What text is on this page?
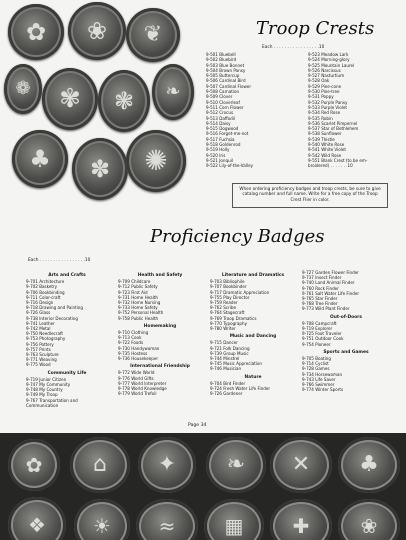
✿	❀	❦
❁	✾	❃	❧
♣	✽	✺
Troop Crests
Each . . . . . . . . . . . . . . . . .10
9-501 Bluebell
9-502 Bluebird
9-503 Blue Bonnet
9-504 Brown Pansy
9-505 Buttercup
9-506 Cardinal Bird
9-507 Cardinal Flower
9-508 Carnation
9-509 Clover
9-510 Cloverleaf
9-511 Corn Flower
9-512 Crocus
9-513 Daffodil
9-514 Daisy
9-515 Dogwood
9-516 Forget-me-not
9-517 Fuchsia
9-518 Goldenrod
9-519 Holly
9-520 Iris
9-521 Jonquil
9-522 Lily-of-the-Valley
9-523 Meadow Lark
9-524 Morning-glory
9-525 Mountain Laurel
9-526 Narcissus
9-527 Nasturtium
9-528 Oak
9-529 Pine-cone
9-530 Pine-tree
9-531 Poppy
9-532 Purple Pansy
9-533 Purple Violet
9-534 Red Rose
9-535 Robin
9-536 Scarlet Pimpernel
9-537 Star of Bethlehem
9-538 Sunflower
9-539 Thistle
9-540 White Rose
9-541 White Violet
9-542 Wild Rose
9-551 Blank Crest (to be em-
broidered) . . . . . . .10
When ordering proficiency badges and troop crests, be sure to give catalog number and full name. Write for a free copy of the Troop Crest Flier in color.
Proficiency Badges
Each . . . . . . . . . . . . . . . . .10
Arts and Crafts
9-701 Architecture
9-702 Basketry
9-706 Bookbinding
9-711 Color-craft
9-716 Design
9-718 Drawing and Painting
9-726 Glass
9-738 Interior Decorating
9-741 Leather
9-742 Metal
9-750 Needlecraft
9-753 Photography
9-756 Pottery
9-757 Prints
9-763 Sculpture
9-771 Weaving
9-775 Wood
Community Life
9-719 Junior Citizen
9-747 My Community
9-748 My Country
9-749 My Troop
9-767 Transportation and
Communication
Health and Safety
9-709 Childcare
9-712 Public Safety
9-723 First Aid
9-731 Home Health
9-732 Home Nursing
9-733 Home Safety
9-752 Personal Health
9-758 Public Health
Homemaking
9-710 Clothing
9-713 Cook
9-722 Foods
9-730 Handywoman
9-735 Hostess
9-736 Housekeeper
International Friendship
9-772 Wide World
9-776 World Gifts
9-777 World Interpreter
9-778 World Knowledge
9-779 World Trefoil
Literature and Dramatics
9-703 Bibliophile
9-707 Bookbinder
9-717 Dramatic Appreciation
9-755 Play Director
9-759 Reader
9-762 Scribe
9-764 Stagecraft
9-769 Troop Dramatics
9-770 Typography
9-780 Writer
Music and Dancing
9-715 Dancer
9-721 Folk Dancing
9-739 Group Music
9-744 Minstrel
9-745 Music Appreciation
9-746 Musician
Nature
9-704 Bird Finder
9-724 Fresh Water Life Finder
9-726 Gardener
9-727 Garden Flower Finder
9-737 Insect Finder
9-740 Land Animal Finder
9-760 Rock Finder
9-761 Salt Water Life Finder
9-765 Star Finder
9-768 Tree Finder
9-773 Wild Plant Finder
Out-of-Doors
9-708 Campcraft
9-719 Explorer
9-725 Foot Traveler
9-751 Outdoor Cook
9-754 Pioneer
Sports and Games
9-705 Boating
9-714 Cyclist
9-728 Games
9-734 Horsewoman
9-743 Life Saver
9-766 Swimmer
9-774 Winter Sports
Page 34
✿	⌂	✦	❧	✕	♣
❖	☀	≈	▦	✚	❀
